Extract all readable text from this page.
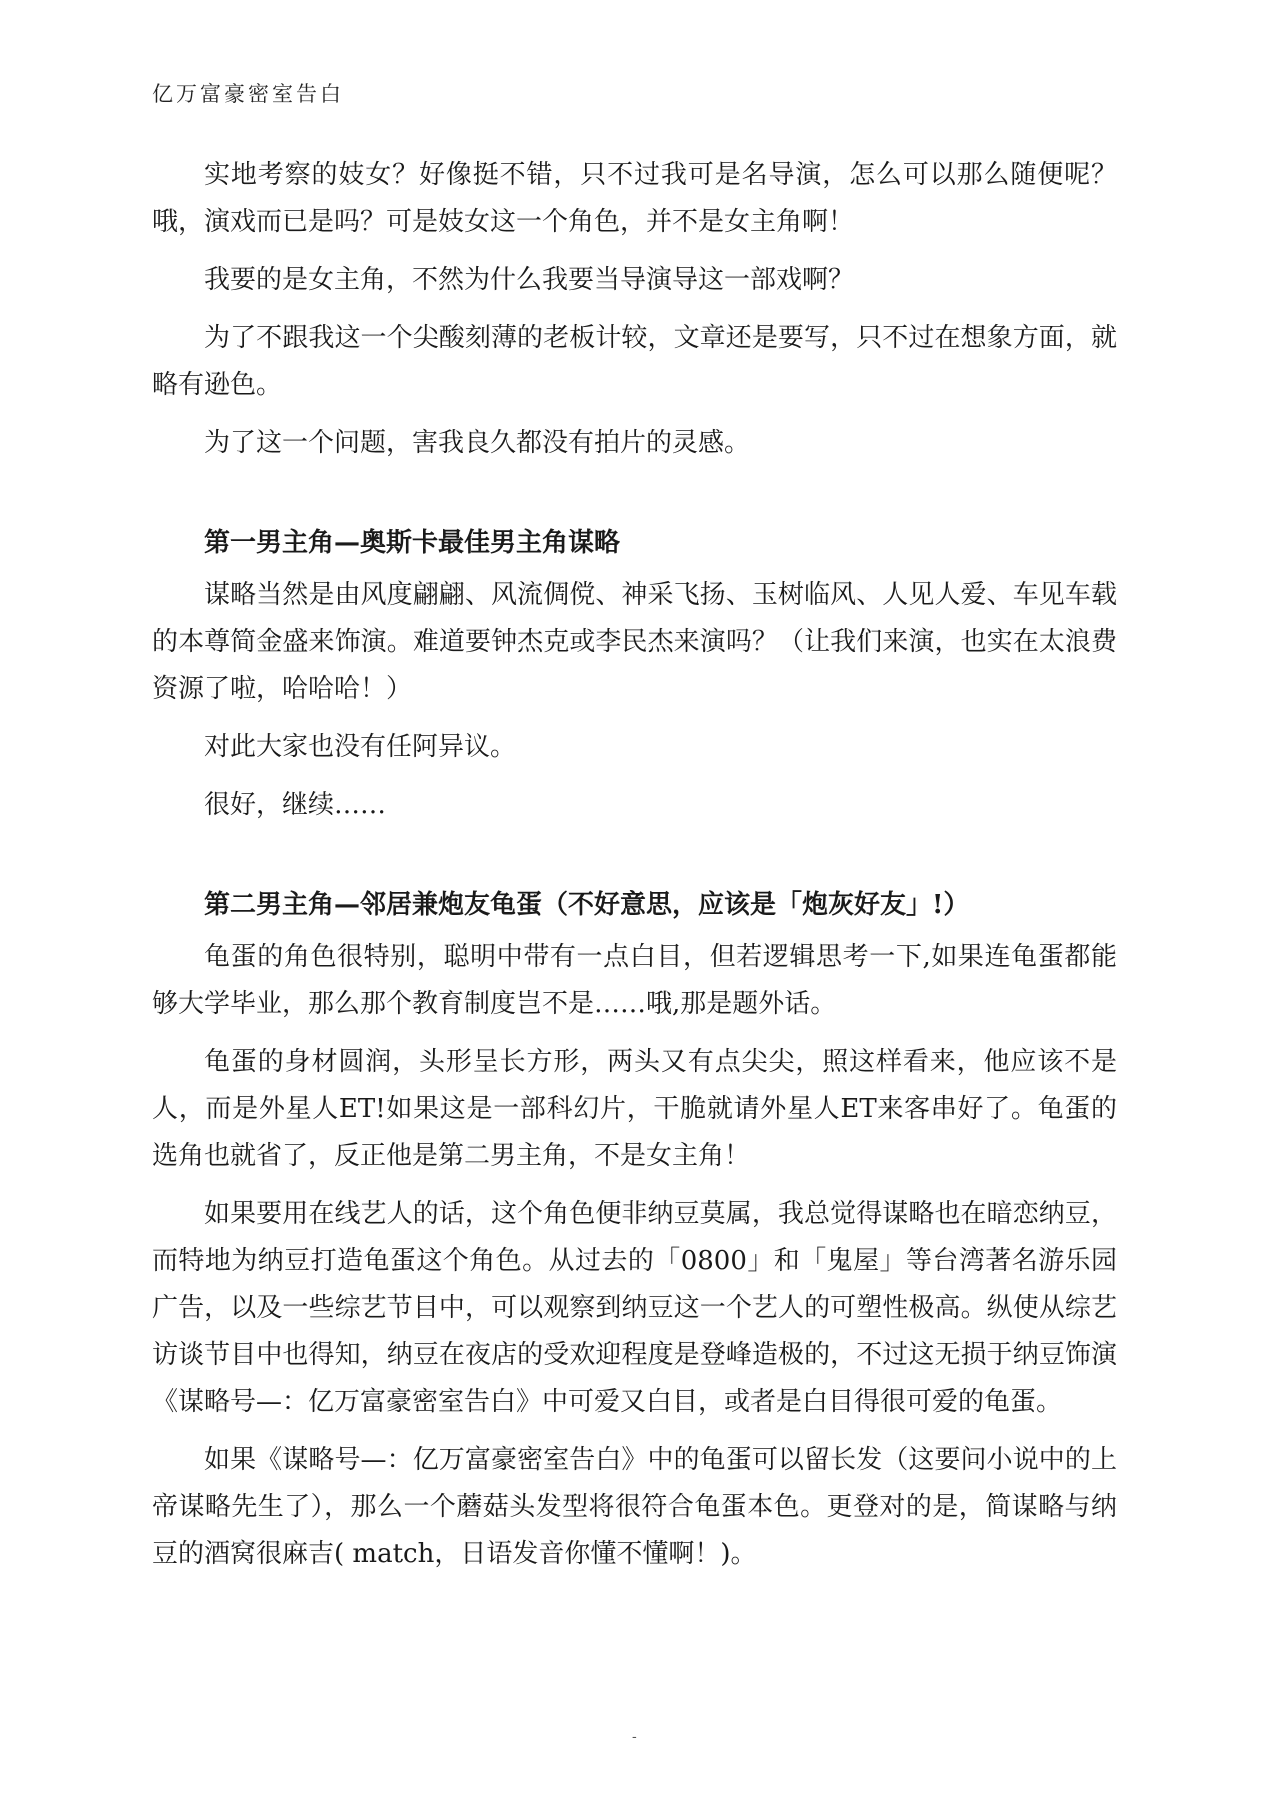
亿万富豪密室告白

实地考察的妓女？好像挺不错，只不过我可是名导演，怎么可以那么随便呢？哦，演戏而已是吗？可是妓女这一个角色，并不是女主角啊！

我要的是女主角，不然为什么我要当导演导这一部戏啊？

为了不跟我这一个尖酸刻薄的老板计较，文章还是要写，只不过在想象方面，就略有逊色。

为了这一个问题，害我良久都没有拍片的灵感。

第一男主角—奥斯卡最佳男主角谋略

谋略当然是由风度翩翩、风流倜傥、神采飞扬、玉树临风、人见人爱、车见车载的本尊简金盛来饰演。难道要钟杰克或李民杰来演吗？（让我们来演，也实在太浪费资源了啦，哈哈哈！）

对此大家也没有任阿异议。

很好，继续……

第二男主角—邻居兼炮友龟蛋（不好意思，应该是「炮灰好友」!）

龟蛋的角色很特别，聪明中带有一点白目，但若逻辑思考一下,如果连龟蛋都能够大学毕业，那么那个教育制度岂不是……哦,那是题外话。

龟蛋的身材圆润，头形呈长方形，两头又有点尖尖，照这样看来，他应该不是人，而是外星人ET!如果这是一部科幻片，干脆就请外星人ET来客串好了。龟蛋的选角也就省了，反正他是第二男主角，不是女主角！

如果要用在线艺人的话，这个角色便非纳豆莫属，我总觉得谋略也在暗恋纳豆，而特地为纳豆打造龟蛋这个角色。从过去的「0800」和「鬼屋」等台湾著名游乐园广告，以及一些综艺节目中，可以观察到纳豆这一个艺人的可塑性极高。纵使从综艺访谈节目中也得知，纳豆在夜店的受欢迎程度是登峰造极的，不过这无损于纳豆饰演《谋略号—：亿万富豪密室告白》中可爱又白目，或者是白目得很可爱的龟蛋。

如果《谋略号—：亿万富豪密室告白》中的龟蛋可以留长发（这要问小说中的上帝谋略先生了），那么一个蘑菇头发型将很符合龟蛋本色。更登对的是，简谋略与纳豆的酒窝很麻吉( match，日语发音你懂不懂啊！)。

-
